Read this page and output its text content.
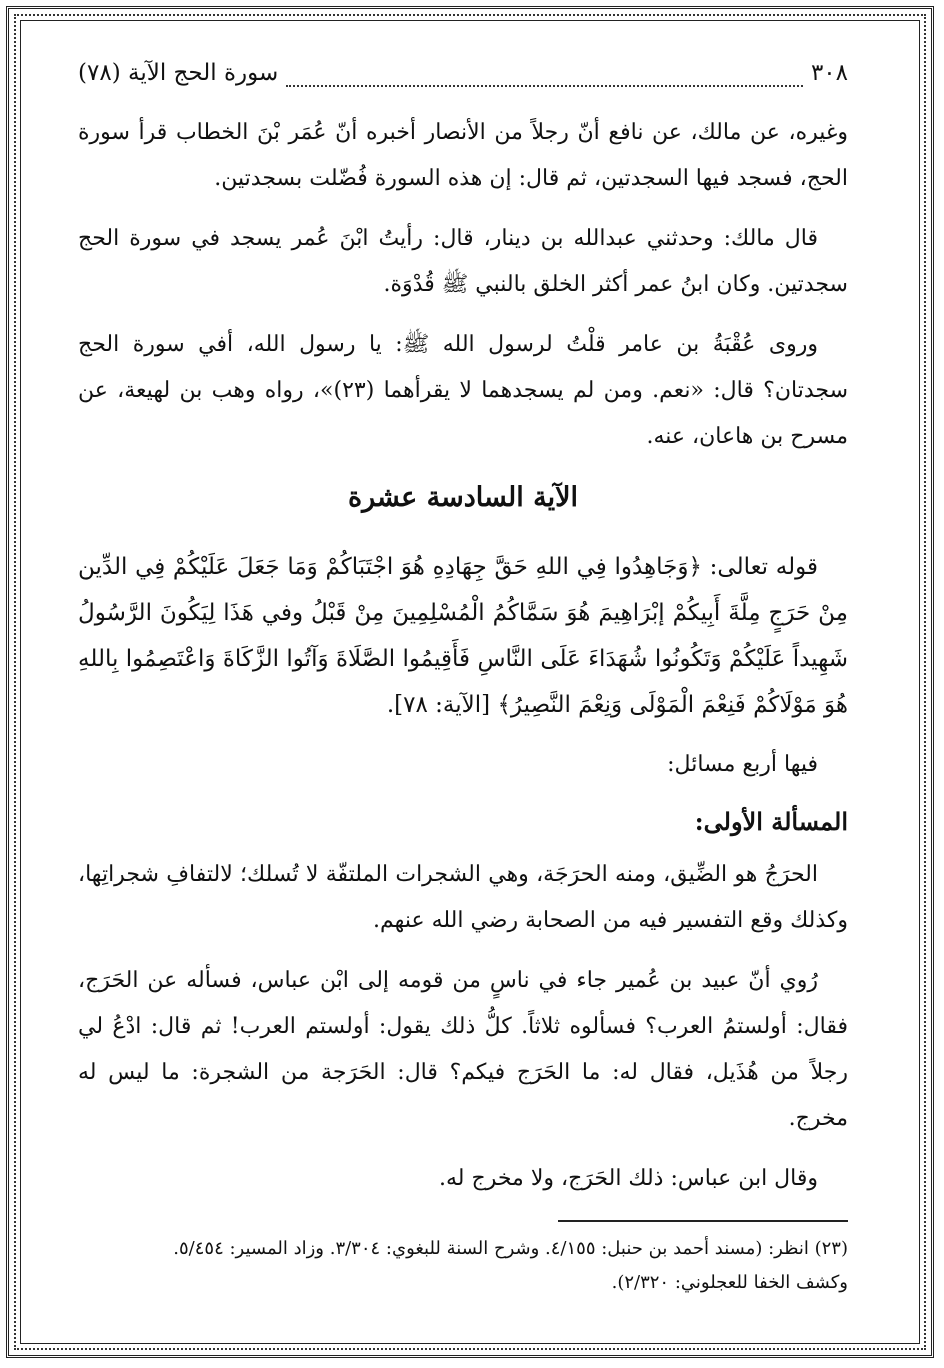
٣٠٨
سورة الحج الآية (٧٨)

وغيره، عن مالك، عن نافع أنّ رجلاً من الأنصار أخبره أنّ عُمَر بْنَ الخطاب قرأ سورة الحج، فسجد فيها السجدتين، ثم قال: إن هذه السورة فُضّلت بسجدتين.

قال مالك: وحدثني عبدالله بن دينار، قال: رأيتُ ابْنَ عُمر يسجد في سورة الحج سجدتين. وكان ابنُ عمر أكثر الخلق بالنبي ﷺ قُدْوَة.

وروى عُقْبَةُ بن عامر قلْتُ لرسول الله ﷺ: يا رسول الله، أفي سورة الحج سجدتان؟ قال: «نعم. ومن لم يسجدهما لا يقرأهما (٢٣)»، رواه وهب بن لهيعة، عن مسرح بن هاعان، عنه.

الآية السادسة عشرة

قوله تعالى: ﴿وَجَاهِدُوا فِي اللهِ حَقَّ جِهَادِهِ هُوَ اجْتَبَاكُمْ وَمَا جَعَلَ عَلَيْكُمْ فِي الدِّين مِنْ حَرَجٍ مِلَّةَ أَبِيكُمْ إبْرَاهِيمَ هُوَ سَمَّاكُمُ الْمُسْلِمِينَ مِنْ قَبْلُ وفي هَذَا لِيَكُونَ الرَّسُولُ شَهِيداً عَلَيْكُمْ وَتَكُونُوا شُهَدَاءَ عَلَى النَّاسِ فَأَقِيمُوا الصَّلَاةَ وَآتُوا الزَّكَاةَ وَاعْتَصِمُوا بِاللهِ هُوَ مَوْلَاكُمْ فَنِعْمَ الْمَوْلَى وَنِعْمَ النَّصِيرُ﴾ [الآية: ٧٨].

فيها أربع مسائل:

المسألة الأولى:

الحرَجُ هو الضِّيق، ومنه الحرَجَة، وهي الشجرات الملتفّة لا تُسلك؛ لالتفافِ شجراتِها، وكذلك وقع التفسير فيه من الصحابة رضي الله عنهم.

رُوي أنّ عبيد بن عُمير جاء في ناسٍ من قومه إلى ابْن عباس، فسأله عن الحَرَج، فقال: أولستمُ العرب؟ فسألوه ثلاثاً. كلُّ ذلك يقول: أولستم العرب! ثم قال: ادْعُ لي رجلاً من هُذَيل، فقال له: ما الحَرَج فيكم؟ قال: الحَرَجة من الشجرة: ما ليس له مخرج.

وقال ابن عباس: ذلك الحَرَج، ولا مخرج له.

(٢٣) انظر: (مسند أحمد بن حنبل: ٤/١٥٥. وشرح السنة للبغوي: ٣/٣٠٤. وزاد المسير: ٥/٤٥٤.

وكشف الخفا للعجلوني: ٢/٣٢٠).
